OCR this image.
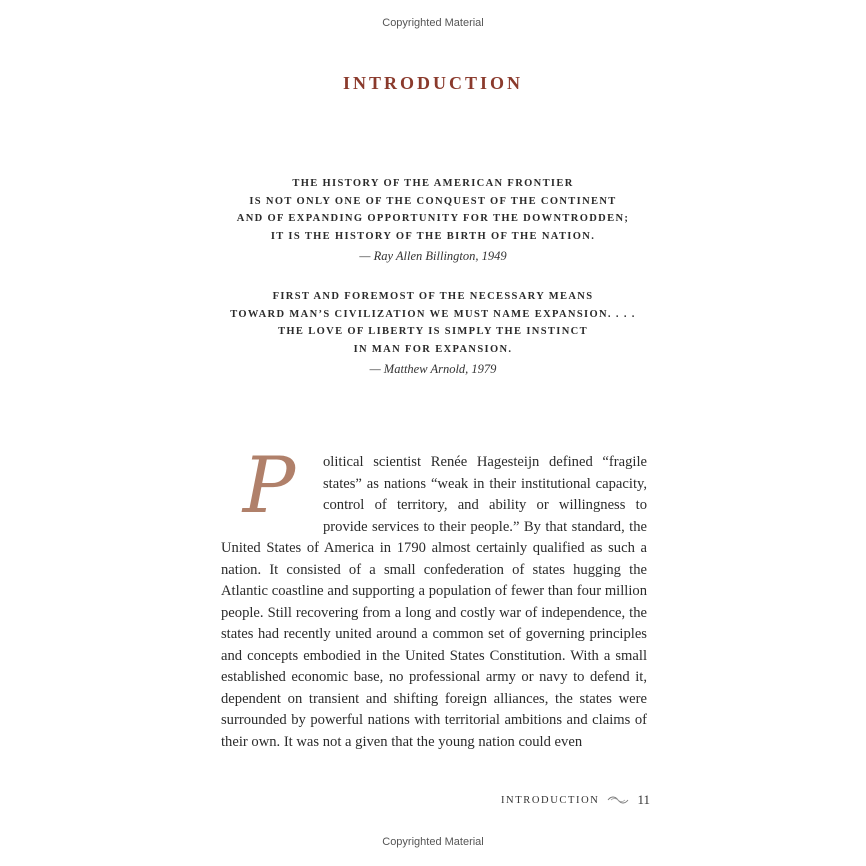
Copyrighted Material
INTRODUCTION
THE HISTORY OF THE AMERICAN FRONTIER
IS NOT ONLY ONE OF THE CONQUEST OF THE CONTINENT
AND OF EXPANDING OPPORTUNITY FOR THE DOWNTRODDEN;
IT IS THE HISTORY OF THE BIRTH OF THE NATION.
— Ray Allen Billington, 1949
FIRST AND FOREMOST OF THE NECESSARY MEANS
TOWARD MAN’S CIVILIZATION WE MUST NAME EXPANSION. . . .
THE LOVE OF LIBERTY IS SIMPLY THE INSTINCT
IN MAN FOR EXPANSION.
— Matthew Arnold, 1979

P	olitical scientist Renée Hagesteijn defined “fragile states” as nations “weak in their institutional capacity, control of territory, and ability or willingness to provide services to their people.” By that standard, the United States of America in 1790 almost certainly qualified as such a nation. It consisted of a small confederation of states hugging the Atlantic coastline and supporting a population of fewer than four million people. Still recovering from a long and costly war of independence, the states had recently united around a common set of governing principles and concepts embodied in the United States Constitution. With a small established economic base, no professional army or navy to defend it, dependent on transient and shifting foreign alliances, the states were surrounded by powerful nations with territorial ambitions and claims of their own. It was not a given that the young nation could even

INTRODUCTION	11
Copyrighted Material
